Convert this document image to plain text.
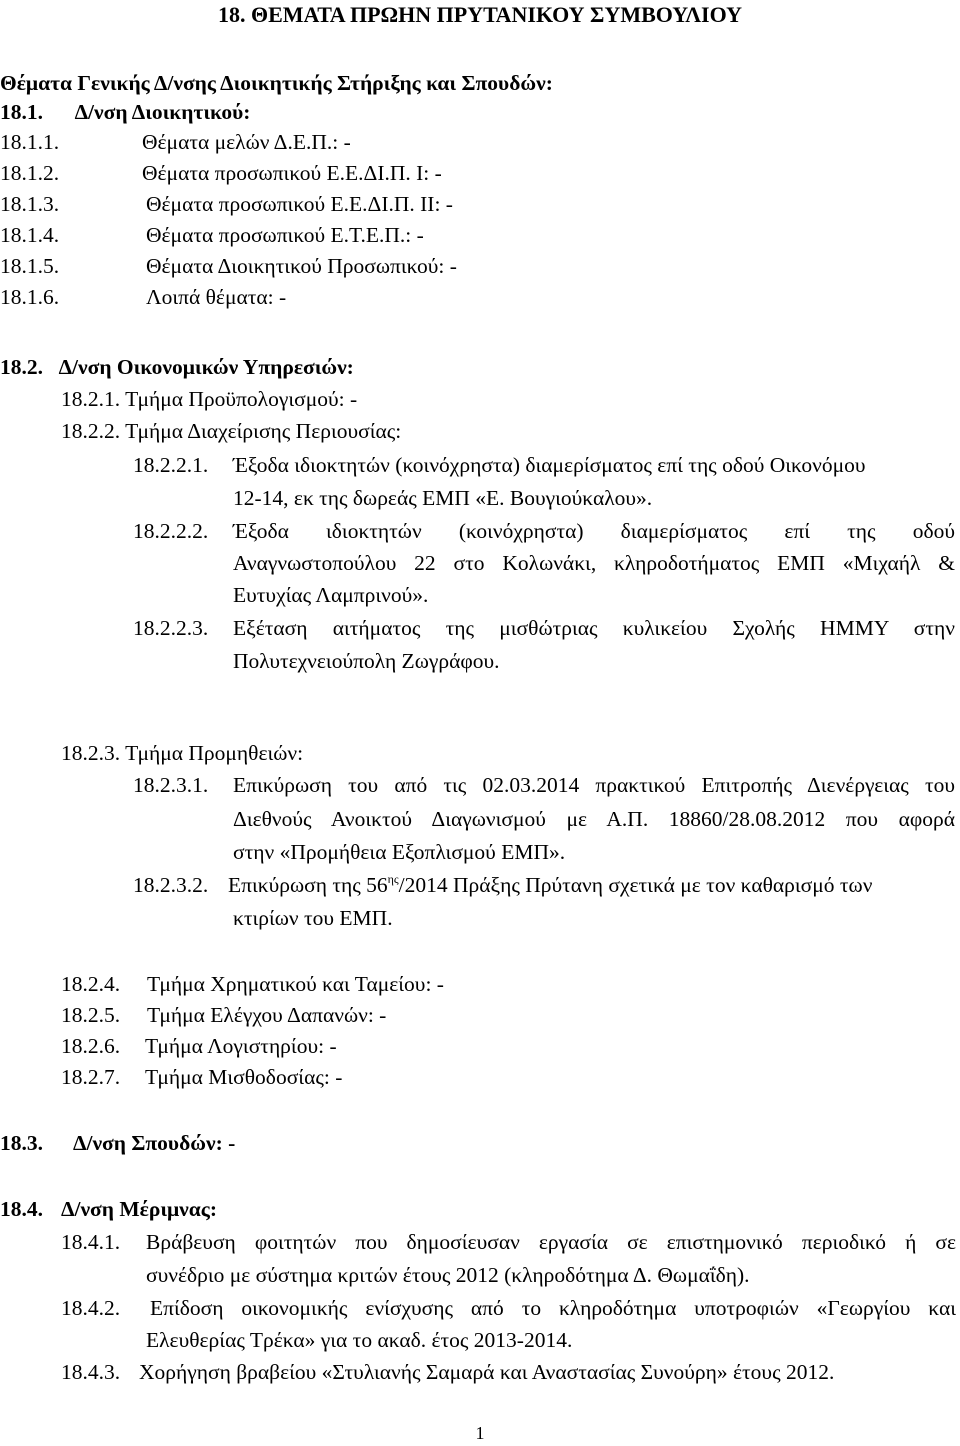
18. ΘΕΜΑΤΑ ΠΡΩΗΝ ΠΡΥΤΑΝΙΚΟΥ ΣΥΜΒΟΥΛΙΟΥ
Θέματα Γενικής Δ/νσης Διοικητικής Στήριξης και Σπουδών:
18.1. Δ/νση Διοικητικού:
18.1.1.	Θέματα μελών Δ.Ε.Π.: -
18.1.2.	Θέματα προσωπικού Ε.Ε.ΔΙ.Π. Ι: -
18.1.3.	Θέματα προσωπικού Ε.Ε.ΔΙ.Π. ΙΙ: -
18.1.4.	Θέματα προσωπικού Ε.Τ.Ε.Π.: -
18.1.5.	Θέματα Διοικητικού Προσωπικού: -
18.1.6.	Λοιπά θέματα: -
18.2. Δ/νση Οικονομικών Υπηρεσιών:
18.2.1. Τμήμα Προϋπολογισμού: -
18.2.2. Τμήμα Διαχείρισης Περιουσίας:
18.2.2.1. Έξοδα ιδιοκτητών (κοινόχρηστα) διαμερίσματος επί της οδού Οικονόμου
12-14, εκ της δωρεάς ΕΜΠ «Ε. Βουγιούκαλου».
18.2.2.2. Έξοδα ιδιοκτητών (κοινόχρηστα) διαμερίσματος επί της οδού
Αναγνωστοπούλου 22 στο Κολωνάκι, κληροδοτήματος ΕΜΠ «Μιχαήλ &
Ευτυχίας Λαμπρινού».
18.2.2.3. Εξέταση αιτήματος της μισθώτριας κυλικείου Σχολής ΗΜΜΥ στην
Πολυτεχνειούπολη Ζωγράφου.
18.2.3. Τμήμα Προμηθειών:
18.2.3.1. Επικύρωση του από τις 02.03.2014 πρακτικού Επιτροπής Διενέργειας του
Διεθνούς Ανοικτού Διαγωνισμού με Α.Π. 18860/28.08.2012 που αφορά
στην «Προμήθεια Εξοπλισμού ΕΜΠ».
18.2.3.2. Επικύρωση της $56^{\eta\varsigma}/2014$ Πράξης Πρύτανη σχετικά με τον καθαρισμό των
κτιρίων του ΕΜΠ.
18.2.4. Τμήμα Χρηματικού και Ταμείου: -
18.2.5. Τμήμα Ελέγχου Δαπανών: -
18.2.6. Τμήμα Λογιστηρίου: -
18.2.7. Τμήμα Μισθοδοσίας: -
18.3. Δ/νση Σπουδών: -
18.4. Δ/νση Μέριμνας:
18.4.1. Βράβευση φοιτητών που δημοσίευσαν εργασία σε επιστημονικό περιοδικό ή σε
συνέδριο με σύστημα κριτών έτους 2012 (κληροδότημα Δ. Θωμαΐδη).
18.4.2. Επίδοση οικονομικής ενίσχυσης από το κληροδότημα υποτροφιών «Γεωργίου και
Ελευθερίας Τρέκα» για το ακαδ. έτος 2013-2014.
18.4.3. Χορήγηση βραβείου «Στυλιανής Σαμαρά και Αναστασίας Συνούρη» έτους 2012.
1
